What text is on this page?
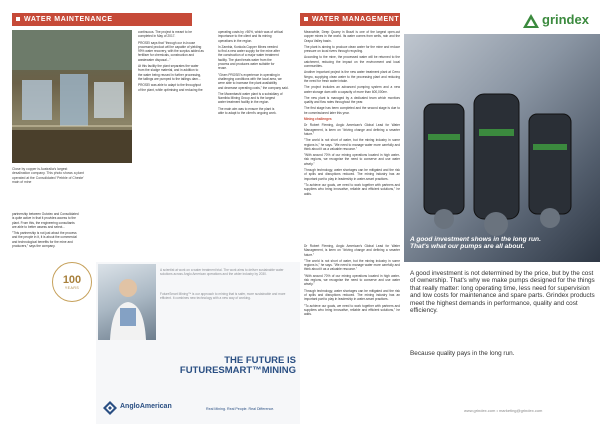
WATER MAINTENANCE
Close by copper is Australia's largest
desalination company. This photo shows a plant
operated at the Consolidated 'Pebble of Cheste'
main of mine

partnership between Outotec and Consolidated
is quite active in that it provides access to the
plant. From this, the engineering consultants
are able to better assess and select...

"This partnership is not just about the process
and the people in it, it is about the commercial
and technological benefits for the mine and
producers," says the company.

100
YEARS

continuous. The project is meant to be
completed in May of 2017.

PROSEI says that "through our in-house
processed product will be capable of yielding
99% water recovery, with the surplus added as
fertiliser for chemicals, construction and
wastewater disposal..."

At this facility the plant separates the water
from the sludge material, and in addition to
the water being reused in further processing,
the tailings are pumped to the tailings dam...

PROSEI was able to adapt to the throughput
of the plant, while optimising and reducing the

operating costs by >50%, which was of critical
importance to the client and its mining
operations in the region.

In Zambia, Konkola Copper Mines needed
to find a new water supply for the mine after
the construction of a major water treatment
facility. The plant treats water from the
process and produces water suitable for
reuse.

"Given PROSEI's experience in operating in
challenging conditions with the local area, we
were able to increase the plant availability
and decrease operating costs," the company said.

The Mwambashi water plant is a subsidiary of
Namibia Mining Group and is the largest
water treatment facility in the region.

The main aim was to ensure the plant is
able to adapt to the client's ongoing work.

A scientist at work on a water treatment trial. The work aims to deliver sustainable water solutions across Anglo American operations and the wider industry by 2030.
FutureSmart Mining™ is our approach to mining that is safer, more sustainable and more efficient. It combines new technology with a new way of working.
THE FUTURE IS
FUTURESMART™MINING
AngloAmerican	Real Mining. Real People. Real Difference.
WATER MANAGEMENT

Meanwhile, Deep Quarry in Brazil is one of the largest open-cut copper mines in the world. Its water comes from wells, rain and the Orapa Valley basin.

The plant is aiming to produce clean water for the mine and reduce pressure on local rivers through recycling.

According to the mine, the processed water will be returned to the catchment, reducing the impact on the environment and local communities.

Another important project is the new water treatment plant at Cerro Negro, supplying clean water to the processing plant and reducing the need for fresh water intake.

The project includes an advanced pumping system and a new water storage dam with a capacity of more than 600,000m³.

The new plant is managed by a dedicated team which monitors quality and flow rates throughout the year.

The first stage has been completed and the second stage is due to be commissioned later this year.

Mining challenges

Dr Robert Fleming, Anglo American's Global Lead for Water Management, is keen on "driving change and defining a smarter future."

"The world is not short of water, but the mining industry in some regions is," he says. "We need to manage water more carefully and think about it as a valuable resource."

"With around 70% of our mining operations located in high water-risk regions, we recognise the need to conserve and use water wisely."

Through technology, water shortages can be mitigated and the risk of spills and disruptions reduced. The mining industry has an important part to play in leadership in water-smart practices.

"To achieve our goals, we need to work together with partners and suppliers who bring innovative, reliable and efficient solutions," he adds.

Dr Robert Fleming, Anglo American's Global Lead for Water Management, is keen on "driving change and defining a smarter future."

"The world is not short of water, but the mining industry in some regions is," he says. "We need to manage water more carefully and think about it as a valuable resource."

"With around 70% of our mining operations located in high water-risk regions, we recognise the need to conserve and use water wisely."

Through technology, water shortages can be mitigated and the risk of spills and disruptions reduced. The mining industry has an important part to play in leadership in water-smart practices.

"To achieve our goals, we need to work together with partners and suppliers who bring innovative, reliable and efficient solutions," he adds.

grindex
A good investment shows in the long run.
That's what our pumps are all about.
A good investment is not determined by the price, but by the cost of ownership. That's why we make pumps designed for the things that really matter: long operating time, less need for supervision and low costs for maintenance and spare parts. Grindex products meet the highest demands in performance, quality and cost efficiency.
Because quality pays in the long run.
www.grindex.com • marketing@grindex.com
